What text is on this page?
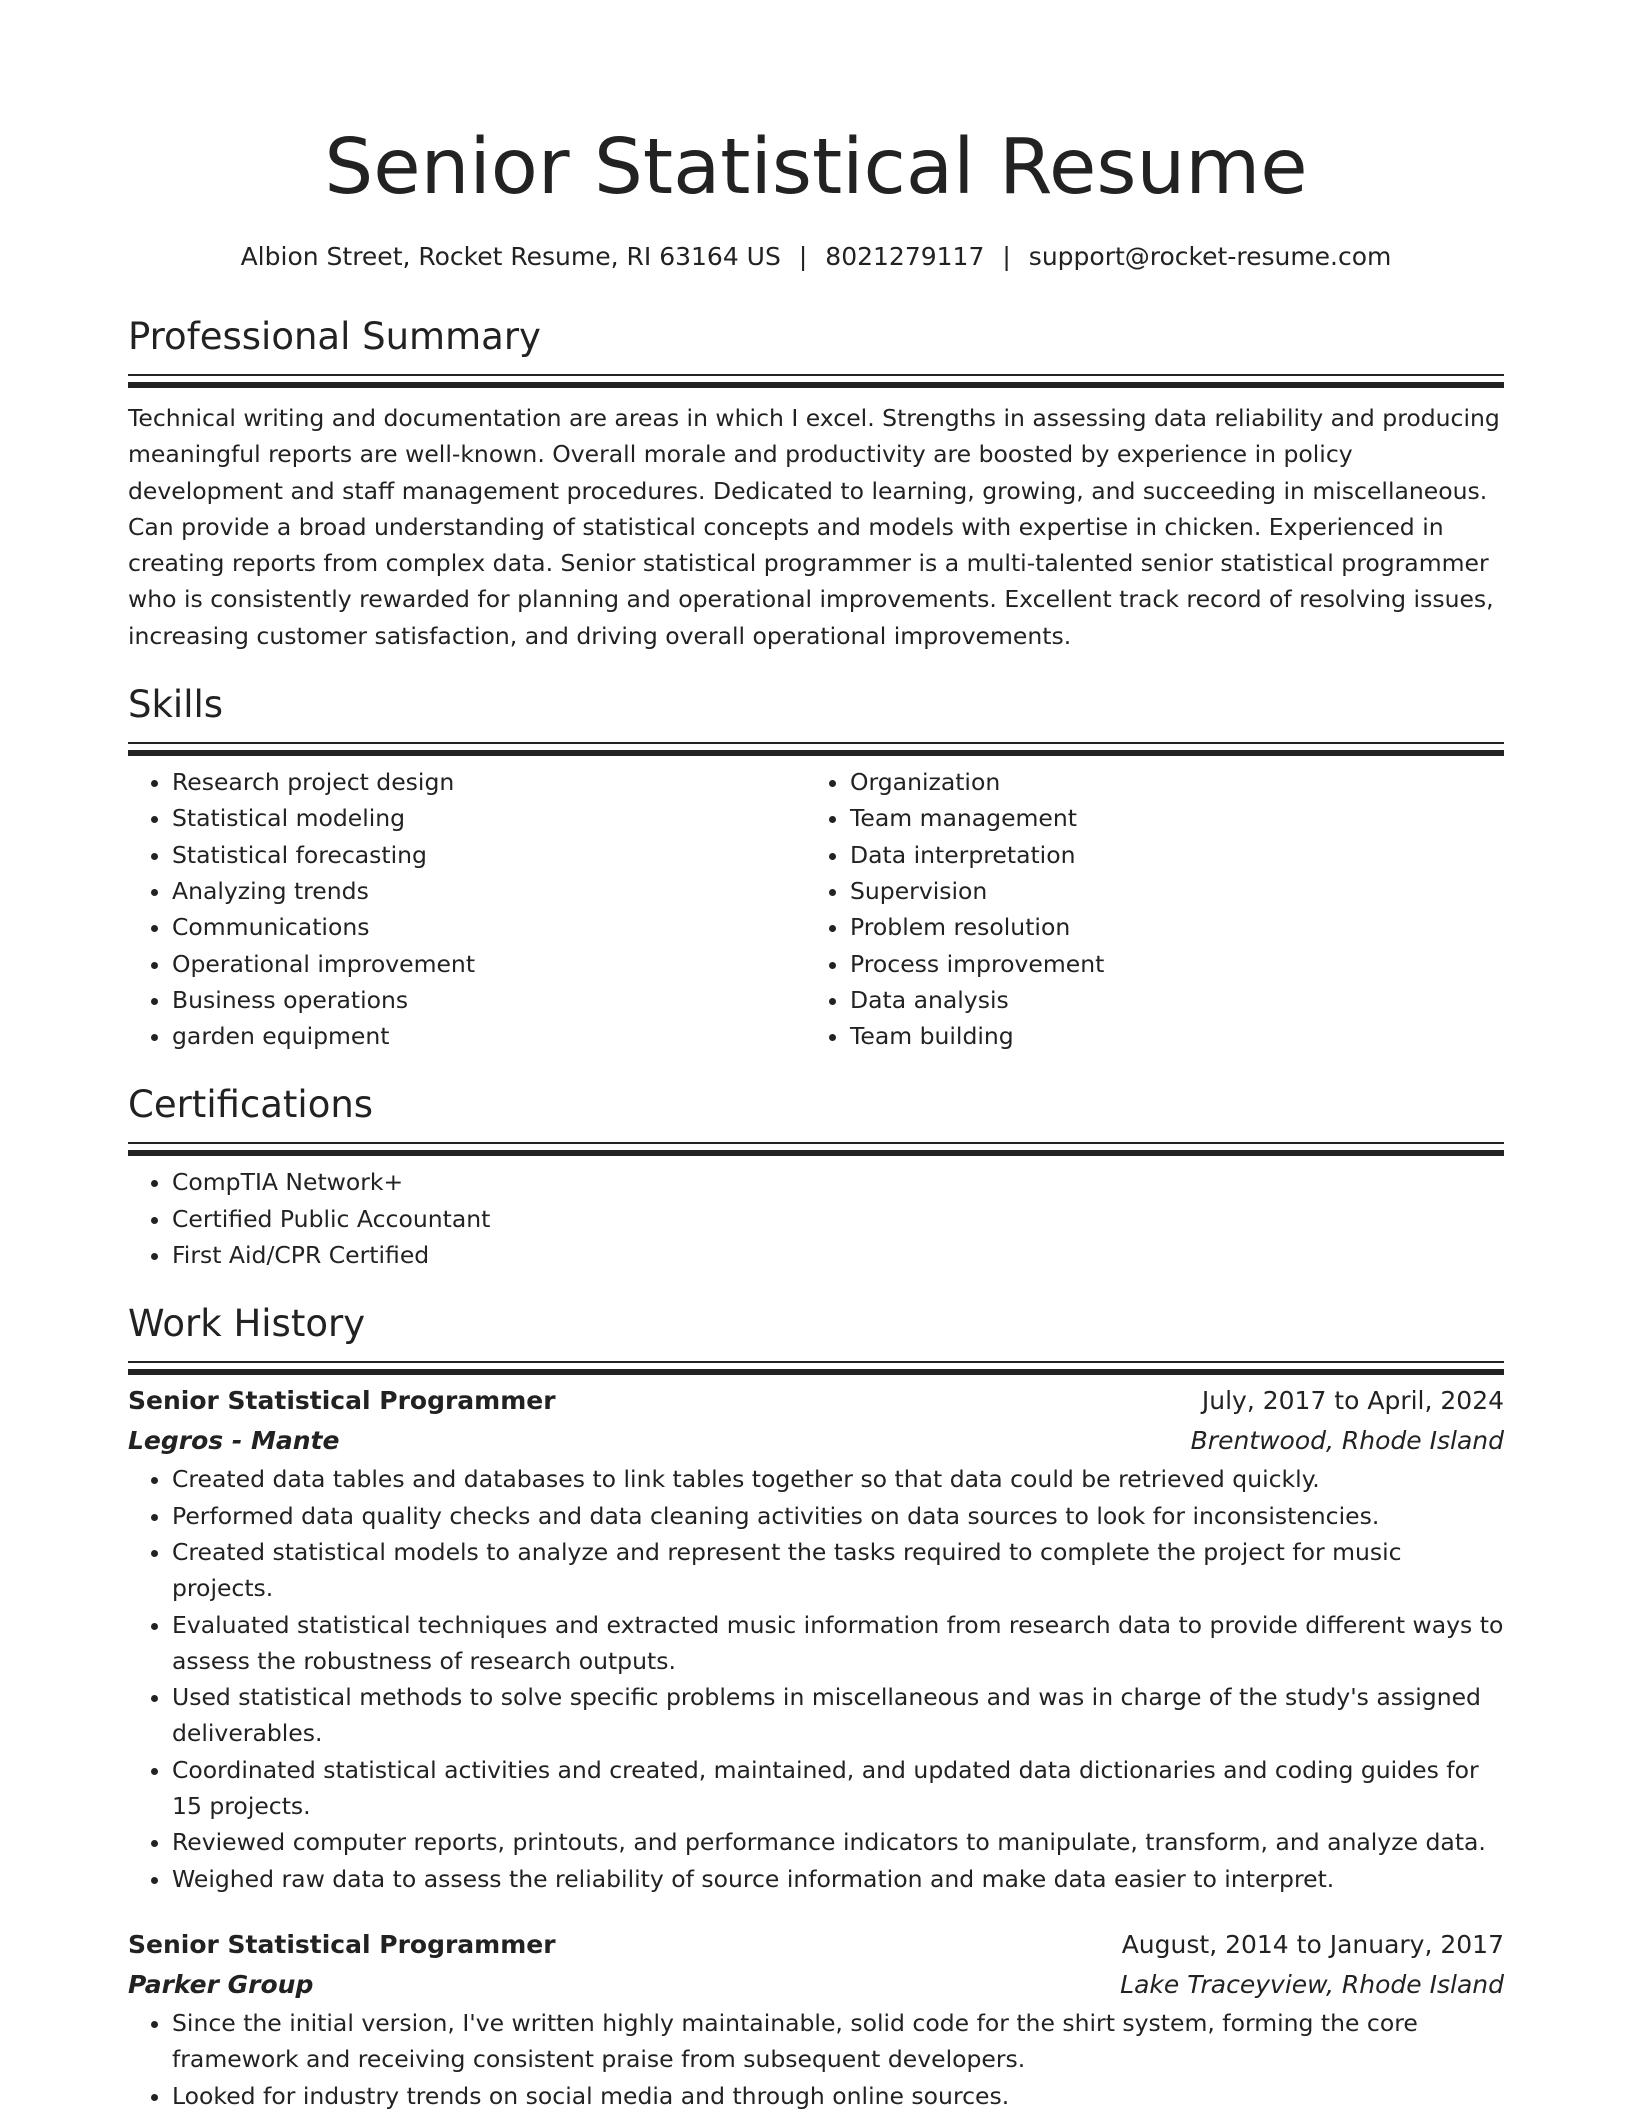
Senior Statistical Resume
Albion Street, Rocket Resume, RI 63164 US | 8021279117 | support@rocket-resume.com
Professional Summary

Technical writing and documentation are areas in which I excel. Strengths in assessing data reliability and producing meaningful reports are well-known. Overall morale and productivity are boosted by experience in policy development and staff management procedures. Dedicated to learning, growing, and succeeding in miscellaneous. Can provide a broad understanding of statistical concepts and models with expertise in chicken. Experienced in creating reports from complex data. Senior statistical programmer is a multi-talented senior statistical programmer who is consistently rewarded for planning and operational improvements. Excellent track record of resolving issues, increasing customer satisfaction, and driving overall operational improvements.

Skills
• Research project design
• Statistical modeling
• Statistical forecasting
• Analyzing trends
• Communications
• Operational improvement
• Business operations
• garden equipment
• Organization
• Team management
• Data interpretation
• Supervision
• Problem resolution
• Process improvement
• Data analysis
• Team building
Certifications
• CompTIA Network+
• Certified Public Accountant
• First Aid/CPR Certified
Work History
Senior Statistical Programmer	July, 2017 to April, 2024
Legros - Mante	Brentwood, Rhode Island
• Created data tables and databases to link tables together so that data could be retrieved quickly.
• Performed data quality checks and data cleaning activities on data sources to look for inconsistencies.
• Created statistical models to analyze and represent the tasks required to complete the project for music projects.
• Evaluated statistical techniques and extracted music information from research data to provide different ways to assess the robustness of research outputs.
• Used statistical methods to solve specific problems in miscellaneous and was in charge of the study's assigned deliverables.
• Coordinated statistical activities and created, maintained, and updated data dictionaries and coding guides for 15 projects.
• Reviewed computer reports, printouts, and performance indicators to manipulate, transform, and analyze data.
• Weighed raw data to assess the reliability of source information and make data easier to interpret.
Senior Statistical Programmer	August, 2014 to January, 2017
Parker Group	Lake Traceyview, Rhode Island
• Since the initial version, I've written highly maintainable, solid code for the shirt system, forming the core framework and receiving consistent praise from subsequent developers.
• Looked for industry trends on social media and through online sources.
